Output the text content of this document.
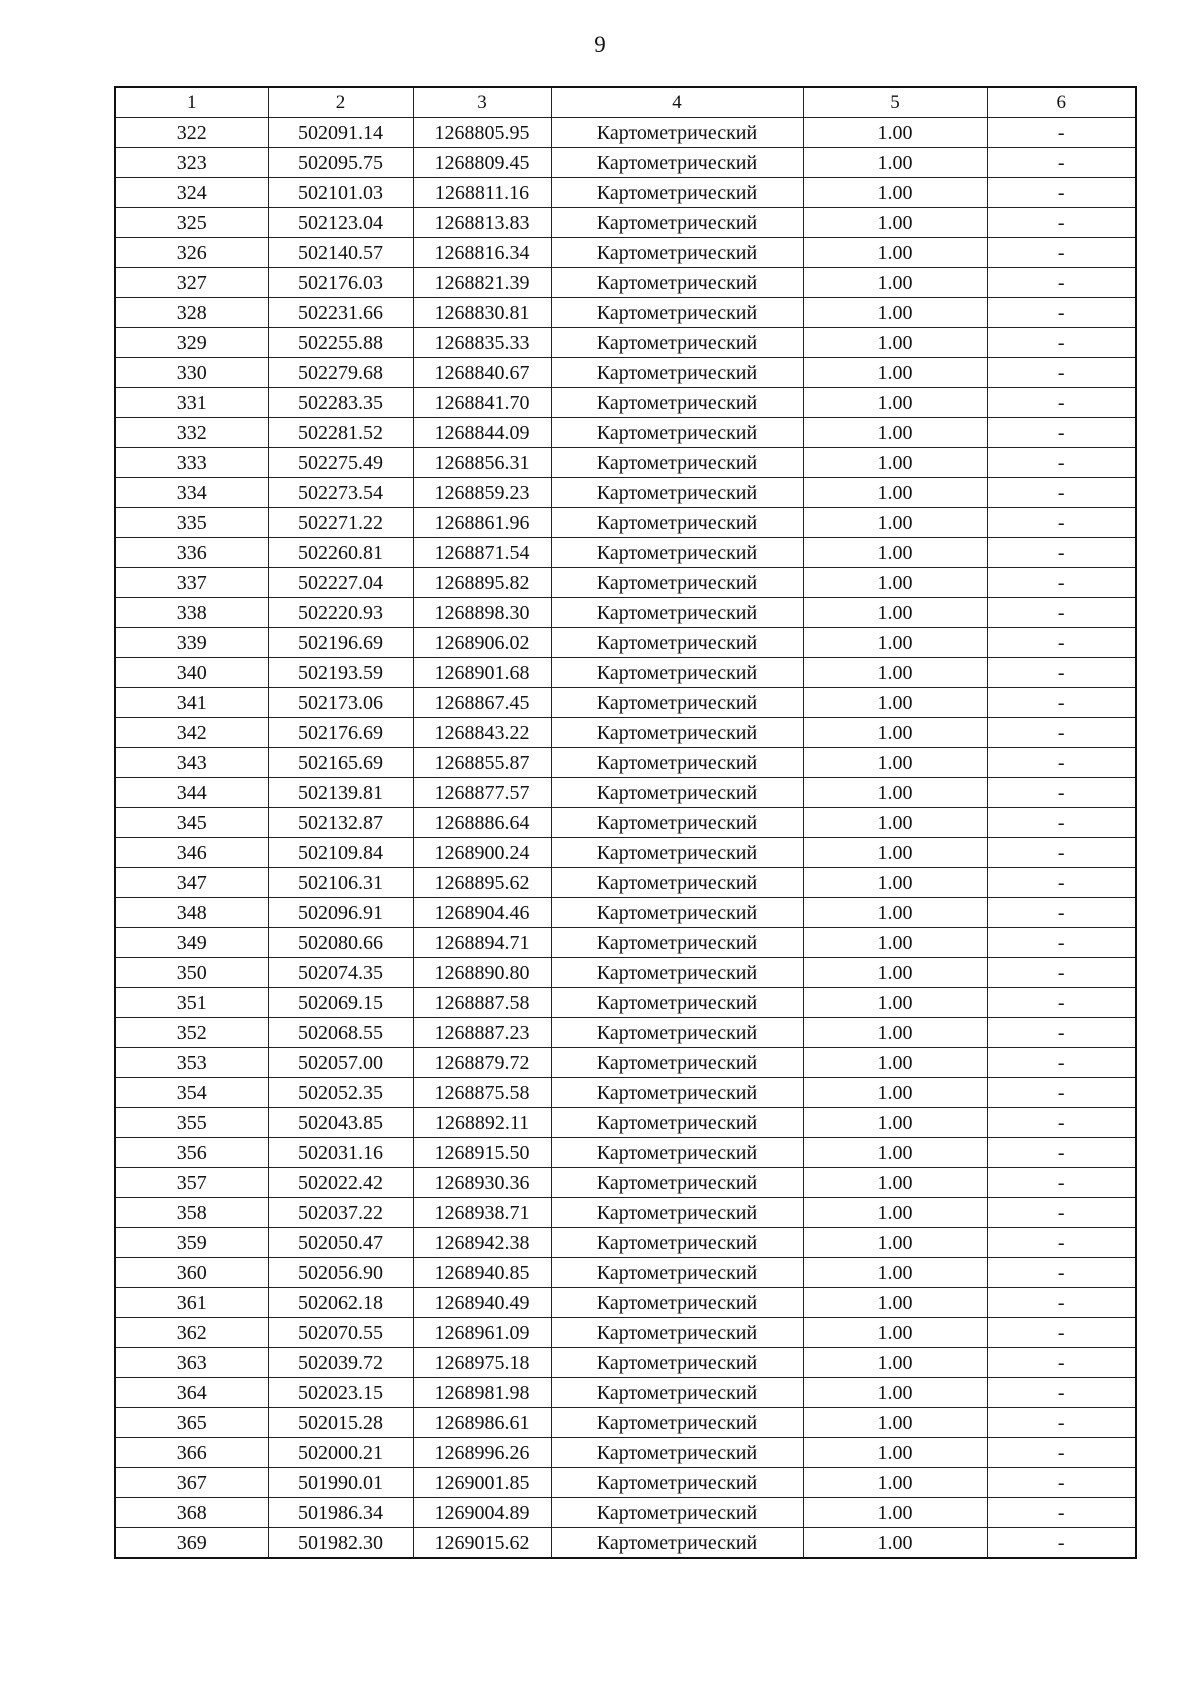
9
1	2	3	4	5	6
322	502091.14	1268805.95	Картометрический	1.00	-
323	502095.75	1268809.45	Картометрический	1.00	-
324	502101.03	1268811.16	Картометрический	1.00	-
325	502123.04	1268813.83	Картометрический	1.00	-
326	502140.57	1268816.34	Картометрический	1.00	-
327	502176.03	1268821.39	Картометрический	1.00	-
328	502231.66	1268830.81	Картометрический	1.00	-
329	502255.88	1268835.33	Картометрический	1.00	-
330	502279.68	1268840.67	Картометрический	1.00	-
331	502283.35	1268841.70	Картометрический	1.00	-
332	502281.52	1268844.09	Картометрический	1.00	-
333	502275.49	1268856.31	Картометрический	1.00	-
334	502273.54	1268859.23	Картометрический	1.00	-
335	502271.22	1268861.96	Картометрический	1.00	-
336	502260.81	1268871.54	Картометрический	1.00	-
337	502227.04	1268895.82	Картометрический	1.00	-
338	502220.93	1268898.30	Картометрический	1.00	-
339	502196.69	1268906.02	Картометрический	1.00	-
340	502193.59	1268901.68	Картометрический	1.00	-
341	502173.06	1268867.45	Картометрический	1.00	-
342	502176.69	1268843.22	Картометрический	1.00	-
343	502165.69	1268855.87	Картометрический	1.00	-
344	502139.81	1268877.57	Картометрический	1.00	-
345	502132.87	1268886.64	Картометрический	1.00	-
346	502109.84	1268900.24	Картометрический	1.00	-
347	502106.31	1268895.62	Картометрический	1.00	-
348	502096.91	1268904.46	Картометрический	1.00	-
349	502080.66	1268894.71	Картометрический	1.00	-
350	502074.35	1268890.80	Картометрический	1.00	-
351	502069.15	1268887.58	Картометрический	1.00	-
352	502068.55	1268887.23	Картометрический	1.00	-
353	502057.00	1268879.72	Картометрический	1.00	-
354	502052.35	1268875.58	Картометрический	1.00	-
355	502043.85	1268892.11	Картометрический	1.00	-
356	502031.16	1268915.50	Картометрический	1.00	-
357	502022.42	1268930.36	Картометрический	1.00	-
358	502037.22	1268938.71	Картометрический	1.00	-
359	502050.47	1268942.38	Картометрический	1.00	-
360	502056.90	1268940.85	Картометрический	1.00	-
361	502062.18	1268940.49	Картометрический	1.00	-
362	502070.55	1268961.09	Картометрический	1.00	-
363	502039.72	1268975.18	Картометрический	1.00	-
364	502023.15	1268981.98	Картометрический	1.00	-
365	502015.28	1268986.61	Картометрический	1.00	-
366	502000.21	1268996.26	Картометрический	1.00	-
367	501990.01	1269001.85	Картометрический	1.00	-
368	501986.34	1269004.89	Картометрический	1.00	-
369	501982.30	1269015.62	Картометрический	1.00	-
